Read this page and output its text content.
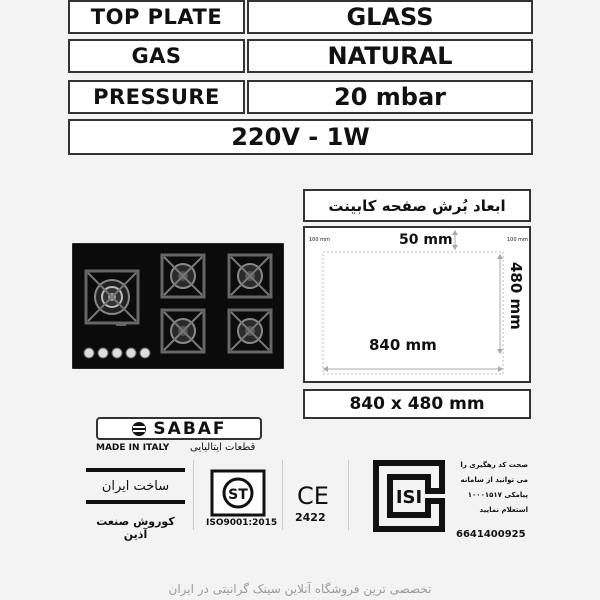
TOP PLATE	GLASS
GAS	NATURAL
PRESSURE	20 mbar
220V - 1W
ابعاد بُرش صفحه کابینت
100 mm	100 mm
50 mm
480 mm
840 mm
840 x 480 mm
SABAF
MADE IN ITALY قطعات ایتالیایی
ساخت ایران
کوروش صنعت آذین
ST
ISO9001:2015
CE
2422
ISI
صحت کد رهگیری را
می توانید از سامانه
پیامکی ۱۰۰۰۱۵۱۷
استعلام نمایید
6641400925
تخصصی ترین فروشگاه آنلاین سینک گرانیتی در ایران
